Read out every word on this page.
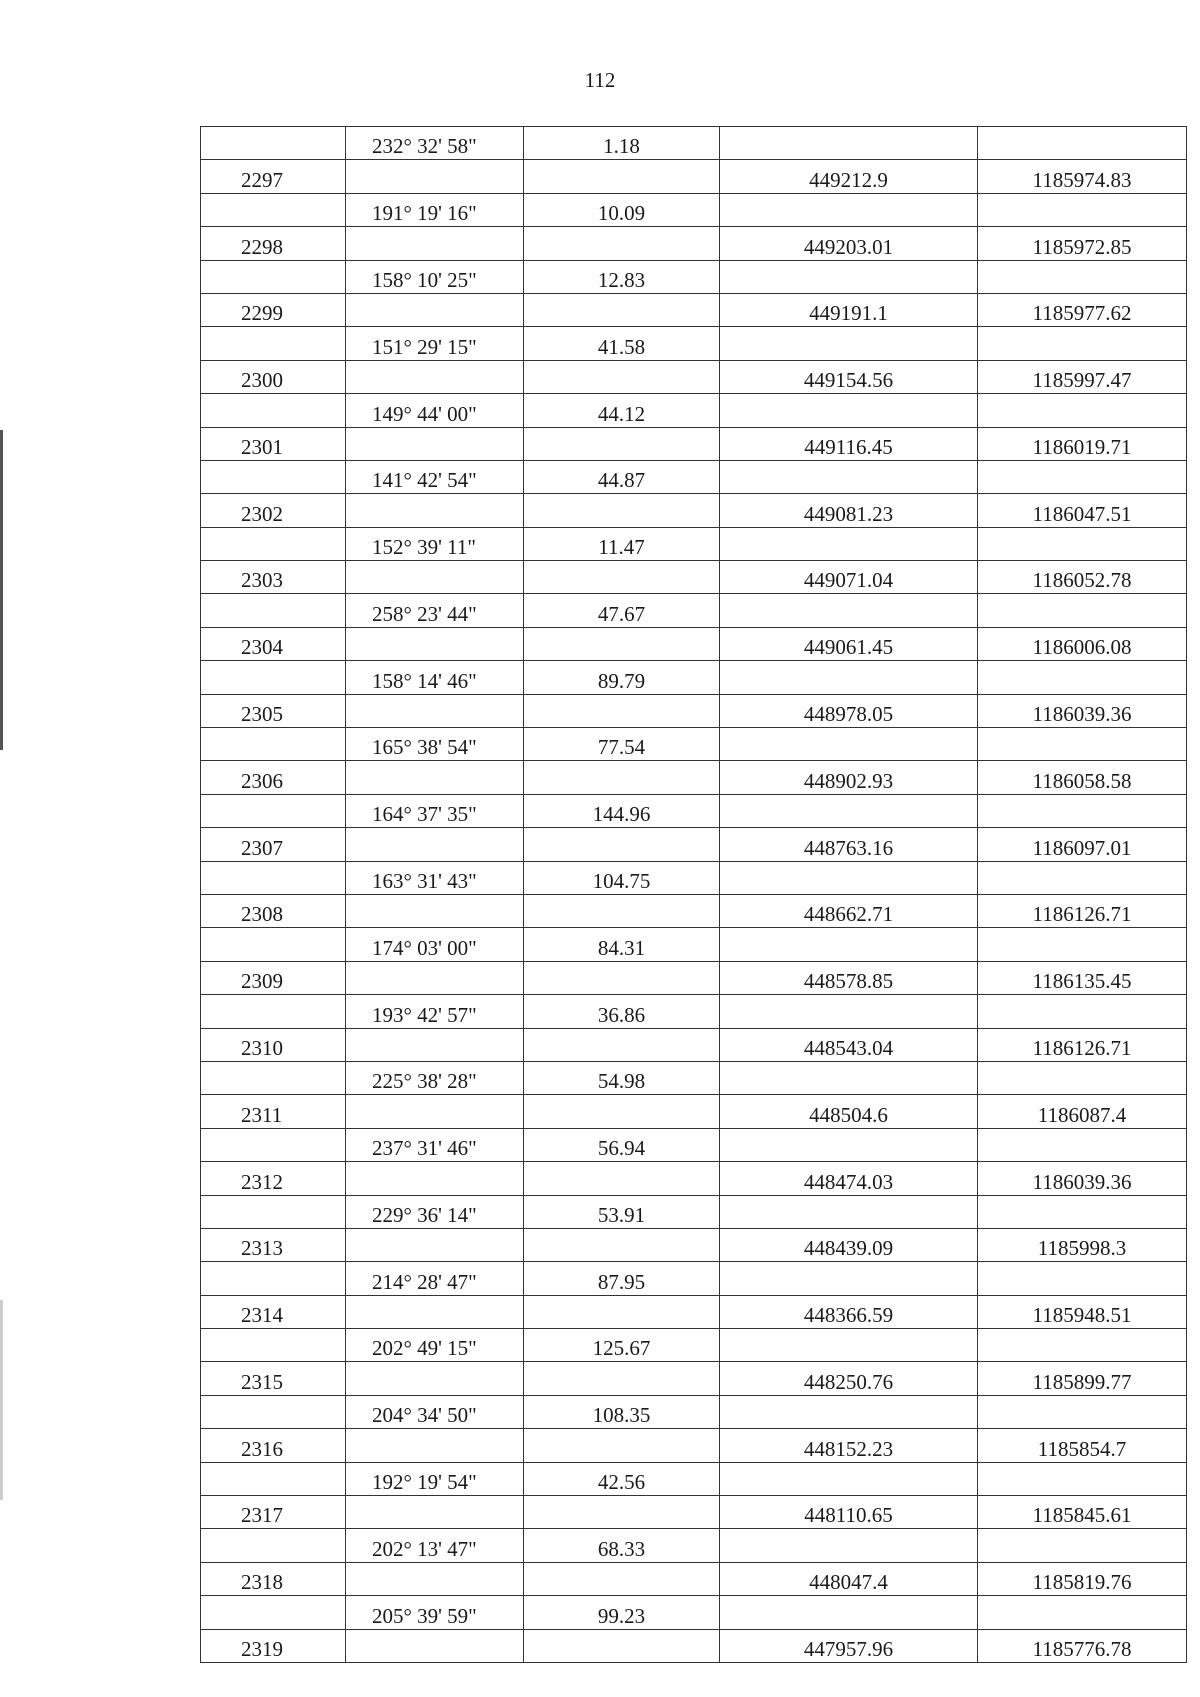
112
	232° 32' 58"	1.18		
2297			449212.9	1185974.83
	191° 19' 16"	10.09		
2298			449203.01	1185972.85
	158° 10' 25"	12.83		
2299			449191.1	1185977.62
	151° 29' 15"	41.58		
2300			449154.56	1185997.47
	149° 44' 00"	44.12		
2301			449116.45	1186019.71
	141° 42' 54"	44.87		
2302			449081.23	1186047.51
	152° 39' 11"	11.47		
2303			449071.04	1186052.78
	258° 23' 44"	47.67		
2304			449061.45	1186006.08
	158° 14' 46"	89.79		
2305			448978.05	1186039.36
	165° 38' 54"	77.54		
2306			448902.93	1186058.58
	164° 37' 35"	144.96		
2307			448763.16	1186097.01
	163° 31' 43"	104.75		
2308			448662.71	1186126.71
	174° 03' 00"	84.31		
2309			448578.85	1186135.45
	193° 42' 57"	36.86		
2310			448543.04	1186126.71
	225° 38' 28"	54.98		
2311			448504.6	1186087.4
	237° 31' 46"	56.94		
2312			448474.03	1186039.36
	229° 36' 14"	53.91		
2313			448439.09	1185998.3
	214° 28' 47"	87.95		
2314			448366.59	1185948.51
	202° 49' 15"	125.67		
2315			448250.76	1185899.77
	204° 34' 50"	108.35		
2316			448152.23	1185854.7
	192° 19' 54"	42.56		
2317			448110.65	1185845.61
	202° 13' 47"	68.33		
2318			448047.4	1185819.76
	205° 39' 59"	99.23		
2319			447957.96	1185776.78
